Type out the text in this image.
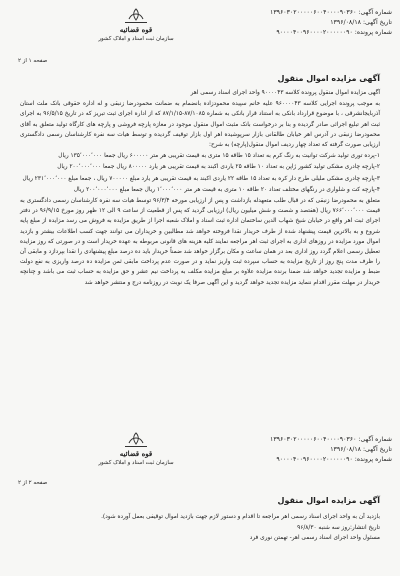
شماره آگهی: ۱۳۹۶۰۳۰۲۰۰۰۰۰۶۰۰۴۰۰۰۰۹۰۳۶۰
تاریخ آگهی: ۱۳۹۶/۰۸/۱۸
شماره پرونده: ۹۰۰۰۰۴۰۰۹۶۰۰۰۰۲۰۰۰۰۰۰۹۰
قوه قضائیه
سازمان ثبت اسناد و املاک کشور
صفحه ۱ از ۲
آگهی مزایده اموال منقول

آگهی مزایده اموال منقول پرونده کلاسه ۹۰۰۰۰۴۳ واحد اجرای اسناد رسمی اهر

به موجب پرونده اجرایی کلاسه ۹۶۰۰۰۰۴۳ علیه خانم سپیده محمودزاده بانضمام به ضمانت محمودرضا زنبقی و له اداره حقوقی بانک ملت استان آذربایجانشرقی ، با موضوع قرارداد بانکی به استناد قرار بانکی به شماره ۸۷/۱۰۸۵-۸۷/۱/۱۵ که از اداره اجرای ثبت تبریز که در تاریخ ۹۶/۵/۱۵ به اجرای ثبت اهر تبلیغ اجرائی صادر گردیده و بنا بر درخواست بانک مثبت اموال منقول موجود در مغازه پارچه فروشی و پارچه های کارگاه تولید متعلق به آقای محمودرضا زنبقی در آدرس اهر خیابان طالقانی بازار سرپوشیده اهر اول بازار توقیف گردیده و توسط هیات سه نفره کارشناسان رسمی دادگستری ارزیابی صورت گرفته که تعداد چهار ردیف اموال منقول(پارچه) به شرح:

۱-پرده توری تولید شرکت توانیت به رنگ کرم به تعداد ۱۵ طاقه ۱۵ متری به قیمت تقریبی هر متر ۶۰۰۰۰۰ ریال جمعا ۱۳۵٬۰۰۰٬۰۰۰ ریال

۲-پارچه چادری مشکی تولید کشور ژاپن به تعداد ۱۰ طاقه ۲۵ یاردی اکبند به قیمت تقریبی هر یارد ۸۰۰۰۰۰ ریال جمعا ۲۰۰٬۰۰۰٬۰۰۰ ریال

۳-پارچه چادری مشکی ملیلی طرح دار کره به تعداد ۱۵ طاقه ۲۲ یاردی اکبند به قیمت تقریبی هر یارد مبلغ ۷۰۰۰۰۰ ریال ، جمعا مبلغ ۲۳۱٬۰۰۰٬۰۰۰ ریال

۴-پارچه کت و شلواری در رنگهای مختلف تعداد ۲۰ طاقه ۱۰ متری به قیمت هر متر ۱٬۰۰۰٬۰۰۰ ریال جمعا مبلغ ۲۰۰٬۰۰۰٬۰۰۰ ریال

متعلق به محمودرضا زنبقی که در قبال طلب متعهدله بازداشت و پس از ارزیابی مورخه ۹۶/۳/۴ توسط هیات سه نفره کارشناسان رسمی دادگستری به قیمت ۷۶۶٬۰۰۰٬۰۰۰ ریال (هفتصد و شصت و شش میلیون ریال) ارزیابی گردید که پس از قطعیت از ساعت ۹ الی ۱۲ ظهر روز مورخ ۹۶/۹/۱۵ در دفتر اجرای ثبت اهر واقع در خیابان شیخ شهاب الدین ساختمان اداره ثبت اسناد و املاک شعبه اجرا از طریق مزایده به فروش می رسد مزایده از مبلغ پایه شروع و به بالاترین قیمت پیشنهاد شده از طرف خریدار نقدا فروخته خواهد شد مطالبین و خریداران می توانند جهت کسب اطلاعات بیشتر و بازدید اموال مورد مزایده در روزهای اداری به اجرای ثبت اهر مراجعه نمایند کلیه هزینه های قانونی مربوطه به عهده خریدار است و در صورتی که روز مزایده تعطیل رسمی اعلام گردد روز اداری بعد در همان ساعت و مکان برگزار خواهد شد ضمناً خریدار باید ده درصد مبلغ پیشنهادی را نقدا بپردازد و مابقی آن را ظرف مدت پنج روز از تاریخ مزایده به حساب سپرده ثبت واریز نماید و در صورت عدم پرداخت مابقی ثمن مزایده ده درصد واریزی به نفع دولت ضبط و مزایده تجدید خواهد شد ضمنا برنده مزایده علاوه بر مبلغ مزایده مکلف به پرداخت نیم عشر و حق مزایده به حساب ثبت می باشد و چنانچه خریدار در مهلت مقرر اقدام ننماید مزایده تجدید خواهد گردید و این آگهی صرفا یک نوبت در روزنامه درج و منتشر خواهد شد

شماره آگهی: ۱۳۹۶۰۳۰۲۰۰۰۰۰۶۰۰۴۰۰۰۰۹۰۳۶۰
تاریخ آگهی: ۱۳۹۶/۰۸/۱۸
شماره پرونده: ۹۰۰۰۰۴۰۰۹۶۰۰۰۰۲۰۰۰۰۰۰۹۰
قوه قضائیه
سازمان ثبت اسناد و املاک کشور
صفحه ۲ از ۲
آگهی مزایده اموال منقول

بازدید آن به واحد اجرای اسناد رسمی اهر مراجعه تا اقدام و دستور لازم جهت بازدید اموال توقیفی بعمل آورده شود).

تاریخ انتشار:روز سه شنبه ۹۶/۸/۳۰

مسئول واحد اجرای اسناد رسمی اهر- تهمتن نوری فرد
